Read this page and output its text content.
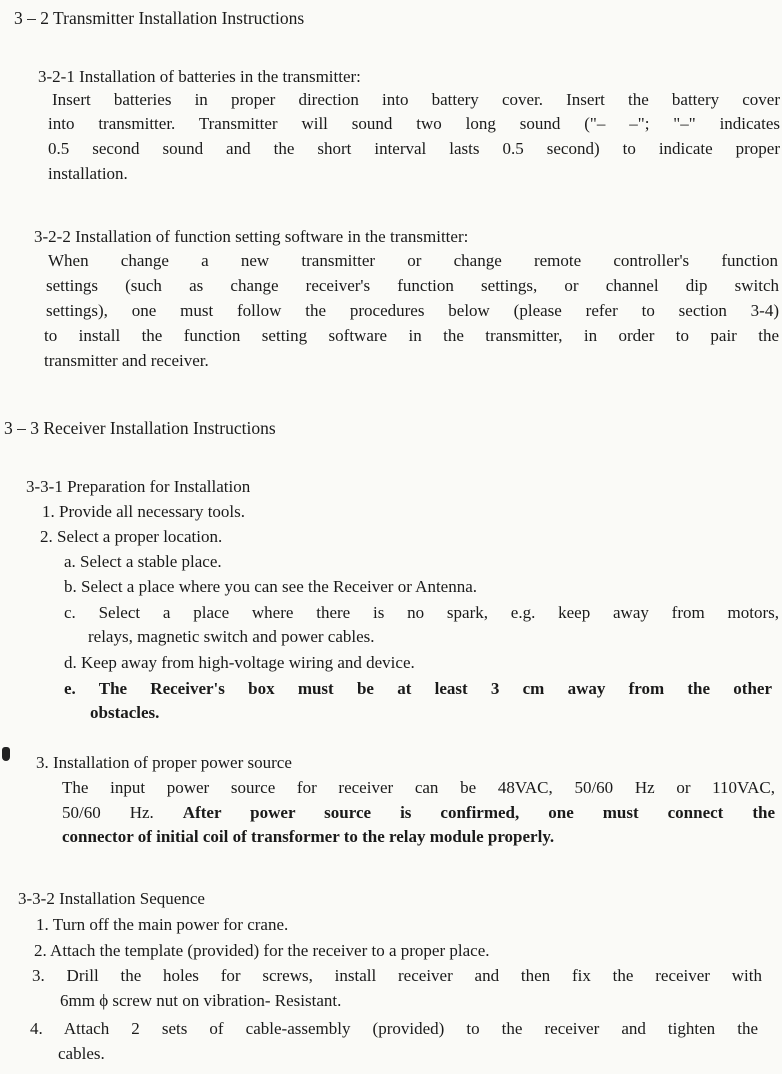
3 – 2 Transmitter Installation Instructions
3-2-1 Installation of batteries in the transmitter:
Insert batteries in proper direction into battery cover. Insert the battery cover
into transmitter. Transmitter will sound two long sound ("– –"; "–" indicates
0.5 second sound and the short interval lasts 0.5 second) to indicate proper
installation.
3-2-2 Installation of function setting software in the transmitter:
When change a new transmitter or change remote controller's function
settings (such as change receiver's function settings, or channel dip switch
settings), one must follow the procedures below (please refer to section 3-4)
to install the function setting software in the transmitter, in order to pair the
transmitter and receiver.
3 – 3 Receiver Installation Instructions
3-3-1 Preparation for Installation
1. Provide all necessary tools.
2. Select a proper location.
a. Select a stable place.
b. Select a place where you can see the Receiver or Antenna.
c. Select a place where there is no spark, e.g. keep away from motors,
relays, magnetic switch and power cables.
d. Keep away from high-voltage wiring and device.
e. The Receiver's box must be at least 3 cm away from the other
obstacles.
3. Installation of proper power source
The input power source for receiver can be 48VAC, 50/60 Hz or 110VAC,
50/60 Hz. After power source is confirmed, one must connect the
connector of initial coil of transformer to the relay module properly.
3-3-2 Installation Sequence
1. Turn off the main power for crane.
2. Attach the template (provided) for the receiver to a proper place.
3. Drill the holes for screws, install receiver and then fix the receiver with
6mm ϕ screw nut on vibration- Resistant.
4. Attach 2 sets of cable-assembly (provided) to the receiver and tighten the
cables.
